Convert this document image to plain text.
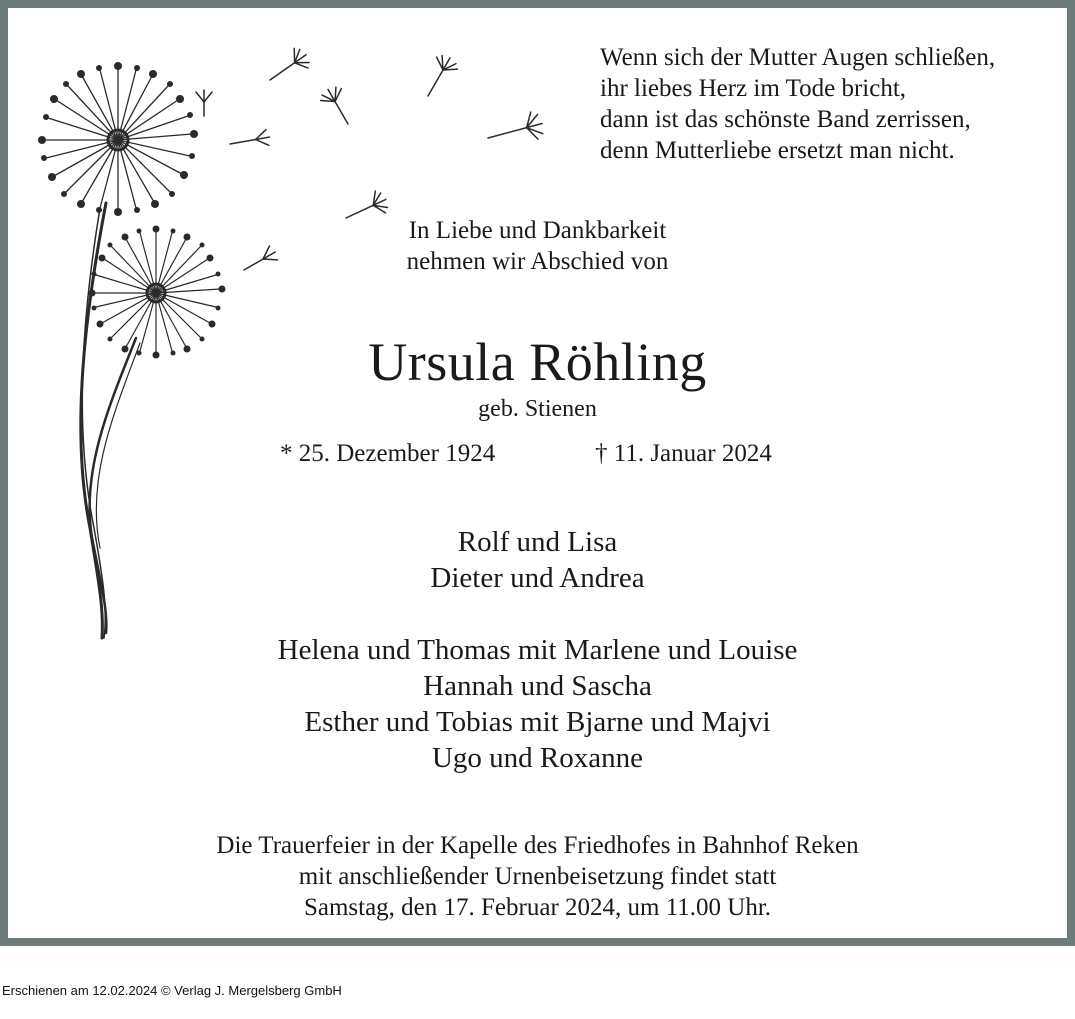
Wenn sich der Mutter Augen schließen,
ihr liebes Herz im Tode bricht,
dann ist das schönste Band zerrissen,
denn Mutterliebe ersetzt man nicht.
In Liebe und Dankbarkeit
nehmen wir Abschied von
Ursula Röhling
geb. Stienen
* 25. Dezember 1924	† 11. Januar 2024
Rolf und Lisa
Dieter und Andrea
Helena und Thomas mit Marlene und Louise
Hannah und Sascha
Esther und Tobias mit Bjarne und Majvi
Ugo und Roxanne
Die Trauerfeier in der Kapelle des Friedhofes in Bahnhof Reken
mit anschließender Urnenbeisetzung findet statt
Samstag, den 17. Februar 2024, um 11.00 Uhr.
Erschienen am 12.02.2024 © Verlag J. Mergelsberg GmbH
